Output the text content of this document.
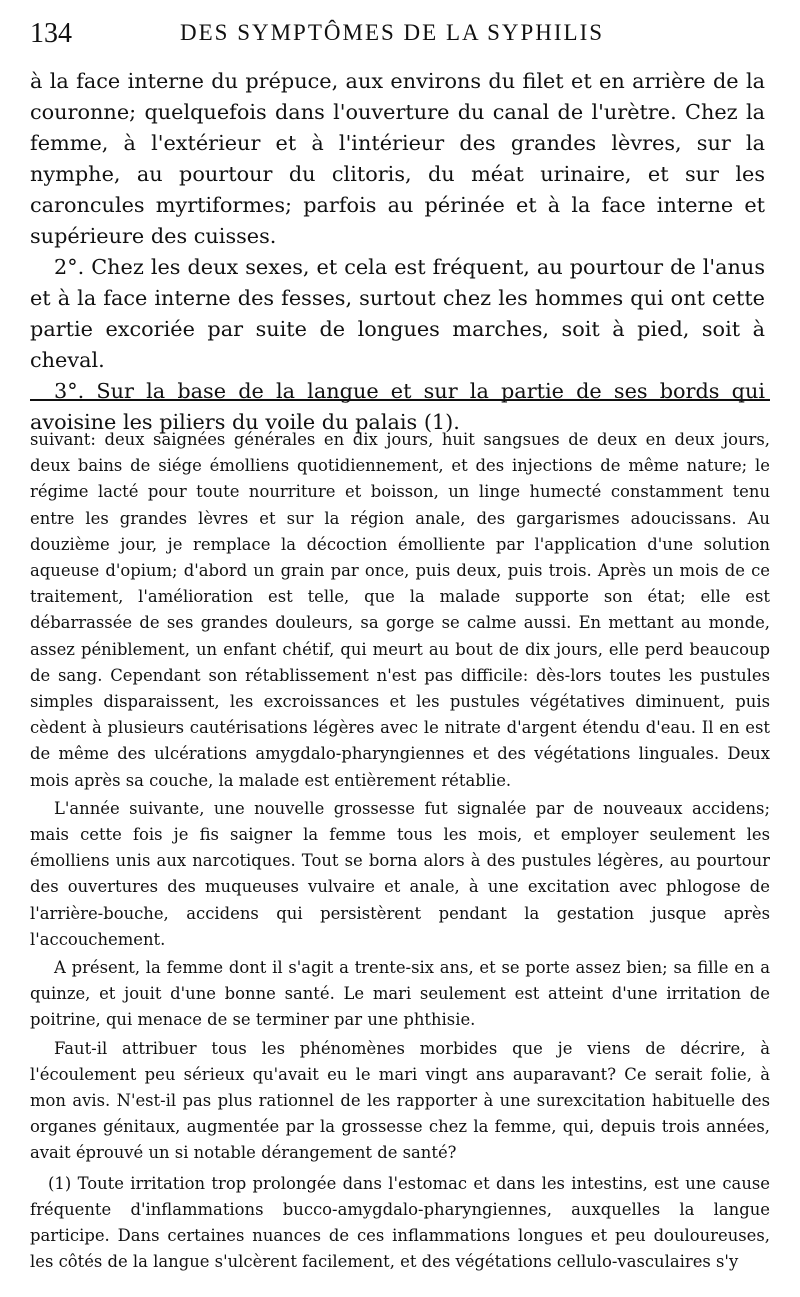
134	DES SYMPTÔMES DE LA SYPHILIS

à la face interne du prépuce, aux environs du filet et en arrière de la couronne; quelquefois dans l'ouverture du canal de l'urètre. Chez la femme, à l'extérieur et à l'intérieur des grandes lèvres, sur la nymphe, au pourtour du clitoris, du méat urinaire, et sur les caroncules myrtiformes; parfois au périnée et à la face interne et supérieure des cuisses.

2°. Chez les deux sexes, et cela est fréquent, au pourtour de l'anus et à la face interne des fesses, surtout chez les hommes qui ont cette partie excoriée par suite de longues marches, soit à pied, soit à cheval.

3°. Sur la base de la langue et sur la partie de ses bords qui avoisine les piliers du voile du palais (1).

suivant: deux saignées générales en dix jours, huit sangsues de deux en deux jours, deux bains de siége émolliens quotidiennement, et des injections de même nature; le régime lacté pour toute nourriture et boisson, un linge humecté constamment tenu entre les grandes lèvres et sur la région anale, des gargarismes adoucissans. Au douzième jour, je remplace la décoction émolliente par l'application d'une solution aqueuse d'opium; d'abord un grain par once, puis deux, puis trois. Après un mois de ce traitement, l'amélioration est telle, que la malade supporte son état; elle est débarrassée de ses grandes douleurs, sa gorge se calme aussi. En mettant au monde, assez péniblement, un enfant chétif, qui meurt au bout de dix jours, elle perd beaucoup de sang. Cependant son rétablissement n'est pas difficile: dès-lors toutes les pustules simples disparaissent, les excroissances et les pustules végétatives diminuent, puis cèdent à plusieurs cautérisations légères avec le nitrate d'argent étendu d'eau. Il en est de même des ulcérations amygdalo-pharyngiennes et des végétations linguales. Deux mois après sa couche, la malade est entièrement rétablie.

L'année suivante, une nouvelle grossesse fut signalée par de nouveaux accidens; mais cette fois je fis saigner la femme tous les mois, et employer seulement les émolliens unis aux narcotiques. Tout se borna alors à des pustules légères, au pourtour des ouvertures des muqueuses vulvaire et anale, à une excitation avec phlogose de l'arrière-bouche, accidens qui persistèrent pendant la gestation jusque après l'accouchement.

A présent, la femme dont il s'agit a trente-six ans, et se porte assez bien; sa fille en a quinze, et jouit d'une bonne santé. Le mari seulement est atteint d'une irritation de poitrine, qui menace de se terminer par une phthisie.

Faut-il attribuer tous les phénomènes morbides que je viens de décrire, à l'écoulement peu sérieux qu'avait eu le mari vingt ans auparavant? Ce serait folie, à mon avis. N'est-il pas plus rationnel de les rapporter à une surexcitation habituelle des organes génitaux, augmentée par la grossesse chez la femme, qui, depuis trois années, avait éprouvé un si notable dérangement de santé?

(1) Toute irritation trop prolongée dans l'estomac et dans les intestins, est une cause fréquente d'inflammations bucco-amygdalo-pharyngiennes, auxquelles la langue participe. Dans certaines nuances de ces inflammations longues et peu douloureuses, les côtés de la langue s'ulcèrent facilement, et des végétations cellulo-vasculaires s'y
